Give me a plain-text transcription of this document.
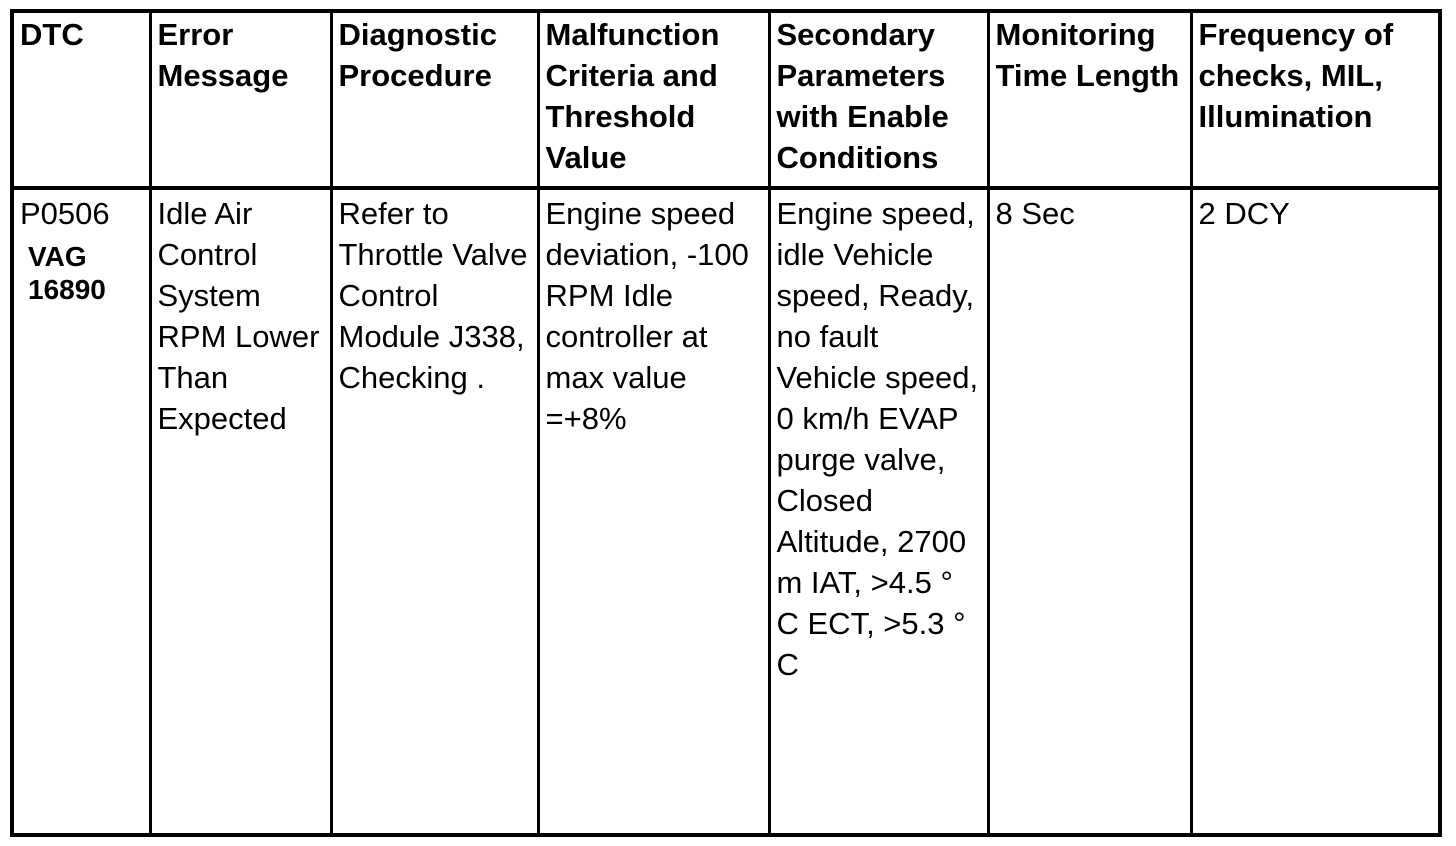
DTC	Error Message	Diagnostic Procedure	Malfunction Criteria and Threshold Value	Secondary Parameters with Enable Conditions	Monitoring Time Length	Frequency of checks, MIL, Illumination

P0506
VAG 16890	Idle Air Control System RPM Lower Than Expected	Refer to Throttle Valve Control Module J338, Checking .	Engine speed deviation, -100 RPM Idle controller at max value =+8%	Engine speed, idle Vehicle speed, Ready, no fault Vehicle speed, 0 km/h EVAP purge valve, Closed Altitude, 2700 m IAT, >4.5 ° C ECT, >5.3 ° C	8 Sec	2 DCY
